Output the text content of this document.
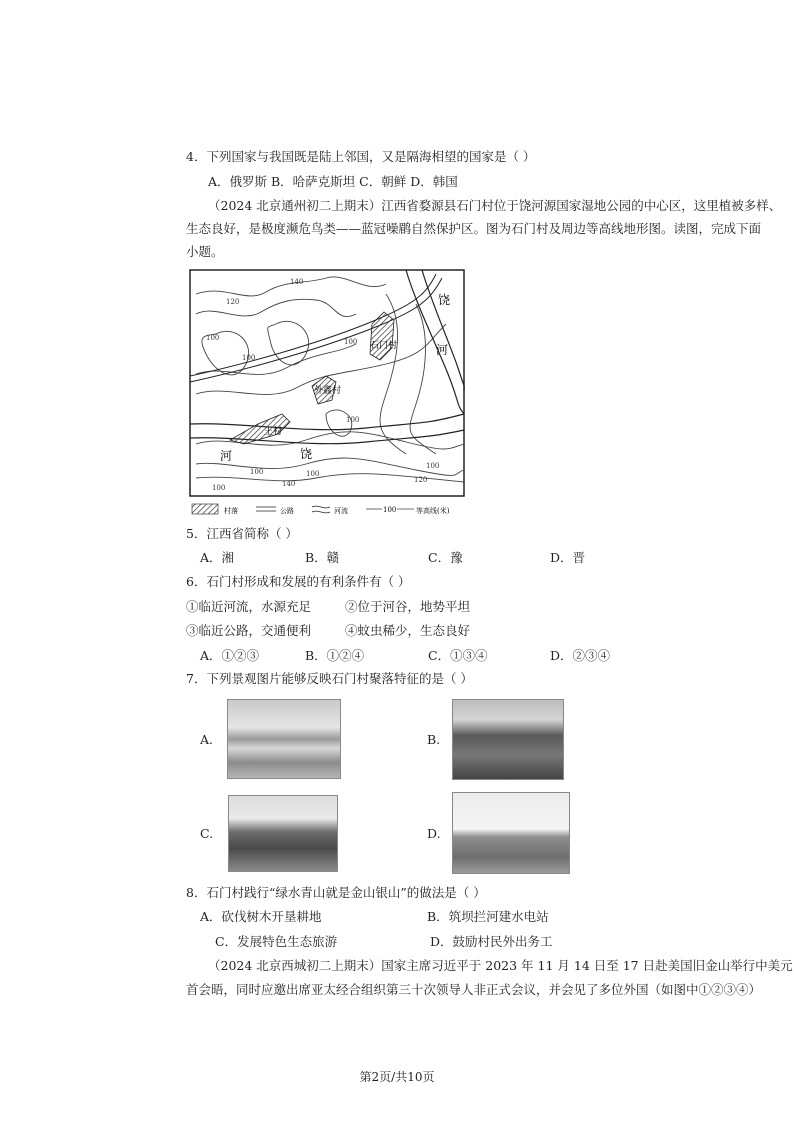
4．下列国家与我国既是陆上邻国，又是隔海相望的国家是（ ）
A．俄罗斯 B．哈萨克斯坦 C．朝鲜 D．韩国
（2024 北京通州初二上期末）江西省婺源县石门村位于饶河源国家湿地公园的中心区，这里植被多样、
生态良好，是极度濒危鸟类——蓝冠噪鹛自然保护区。图为石门村及周边等高线地形图。读图，完成下面
小题。
石门村
外鑫村
王村
饶
河
河	饶
120
140
100
100
100
100
140
100
100
100
120
100
村落	公路	河流	100	等高线(米)
5．江西省简称（ ）
A．湘	B．赣	C．豫	D．晋
6．石门村形成和发展的有利条件有（ ）
①临近河流，水源充足	②位于河谷，地势平坦
③临近公路，交通便利	④蚊虫稀少，生态良好
A．①②③	B．①②④	C．①③④	D．②③④
7．下列景观图片能够反映石门村聚落特征的是（ ）
A.	B.
C.	D.
8．石门村践行“绿水青山就是金山银山”的做法是（ ）
A．砍伐树木开垦耕地	B．筑坝拦河建水电站
C．发展特色生态旅游	D．鼓励村民外出务工
（2024 北京西城初二上期末）国家主席习近平于 2023 年 11 月 14 日至 17 日赴美国旧金山举行中美元
首会晤，同时应邀出席亚太经合组织第三十次领导人非正式会议，并会见了多位外国（如图中①②③④）
第2页/共10页
